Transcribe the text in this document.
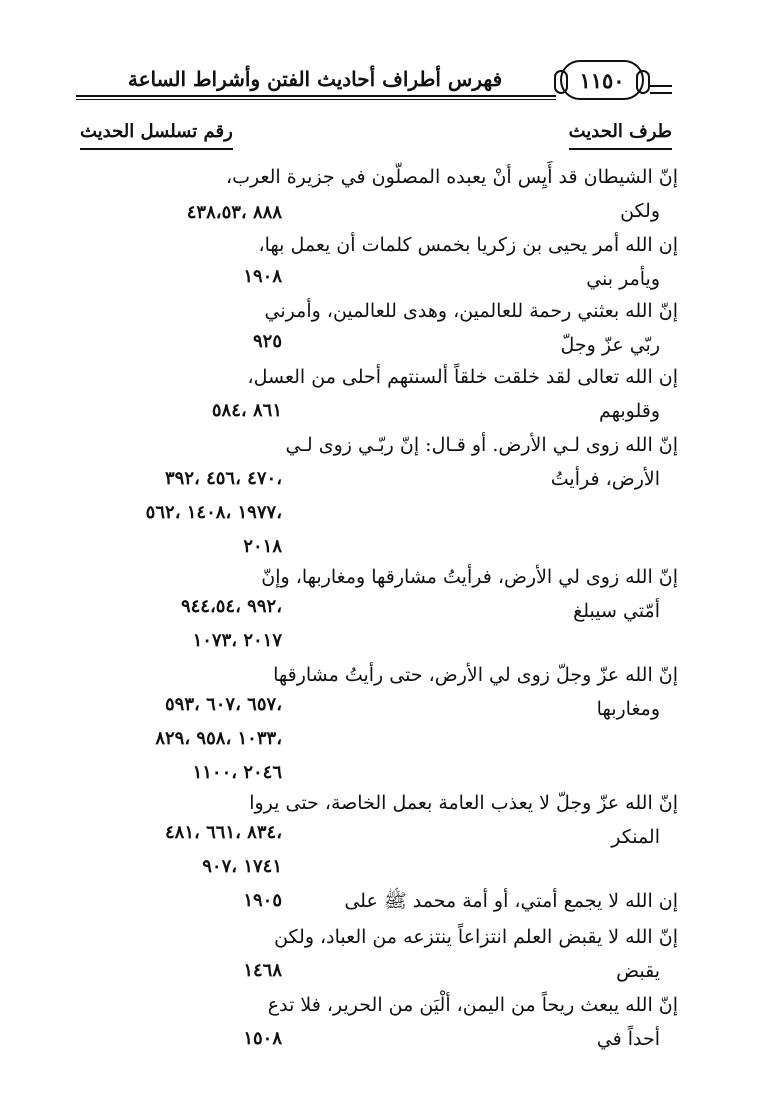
فهرس أطراف أحاديث الفتن وأشراط الساعة	١١٥٠
طرف الحديث
رقم تسلسل الحديث
إنّ الشيطان قد أَيِس أنْ يعبده المصلّون في جزيرة العرب،
ولكن
٨٨٨ ،٤٣٨،٥٣
إن الله أمر يحيى بن زكريا بخمس كلمات أن يعمل بها،
ويأمر بني
١٩٠٨
إنّ الله بعثني رحمة للعالمين، وهدى للعالمين، وأمرني
ربّي عزّ وجلّ
٩٢٥
إن الله تعالى لقد خلقت خلقاً ألسنتهم أحلى من العسل،
وقلوبهم
٨٦١ ،٥٨٤
إنّ الله زوى لـي الأرض. أو قـال: إنّ ربّـي زوى لـي
الأرض، فرأيتُ
،٤٧٠ ،٤٥٦ ،٣٩٢
،١٩٧٧ ،١٤٠٨ ،٥٦٢
٢٠١٨
إنّ الله زوى لي الأرض، فرأيتُ مشارقها ومغاربها، وإنّ
أمّتي سيبلغ
،٩٩٢ ،٩٤٤،٥٤
٢٠١٧ ،١٠٧٣
إنّ الله عزّ وجلّ زوى لي الأرض، حتى رأيتُ مشارقها
ومغاربها
،٦٥٧ ،٦٠٧ ،٥٩٣
،١٠٣٣ ،٩٥٨ ،٨٢٩
٢٠٤٦ ،١١٠٠
إنّ الله عزّ وجلّ لا يعذب العامة بعمل الخاصة، حتى يروا
المنكر
،٨٣٤ ،٦٦١ ،٤٨١
١٧٤١ ،٩٠٧
إن الله لا يجمع أمتي، أو أمة محمد ﷺ على
١٩٠٥
إنّ الله لا يقبض العلم انتزاعاً ينتزعه من العباد، ولكن
يقبض
١٤٦٨
إنّ الله يبعث ريحاً من اليمن، ألْيَن من الحرير، فلا تدع
أحداً في
١٥٠٨
